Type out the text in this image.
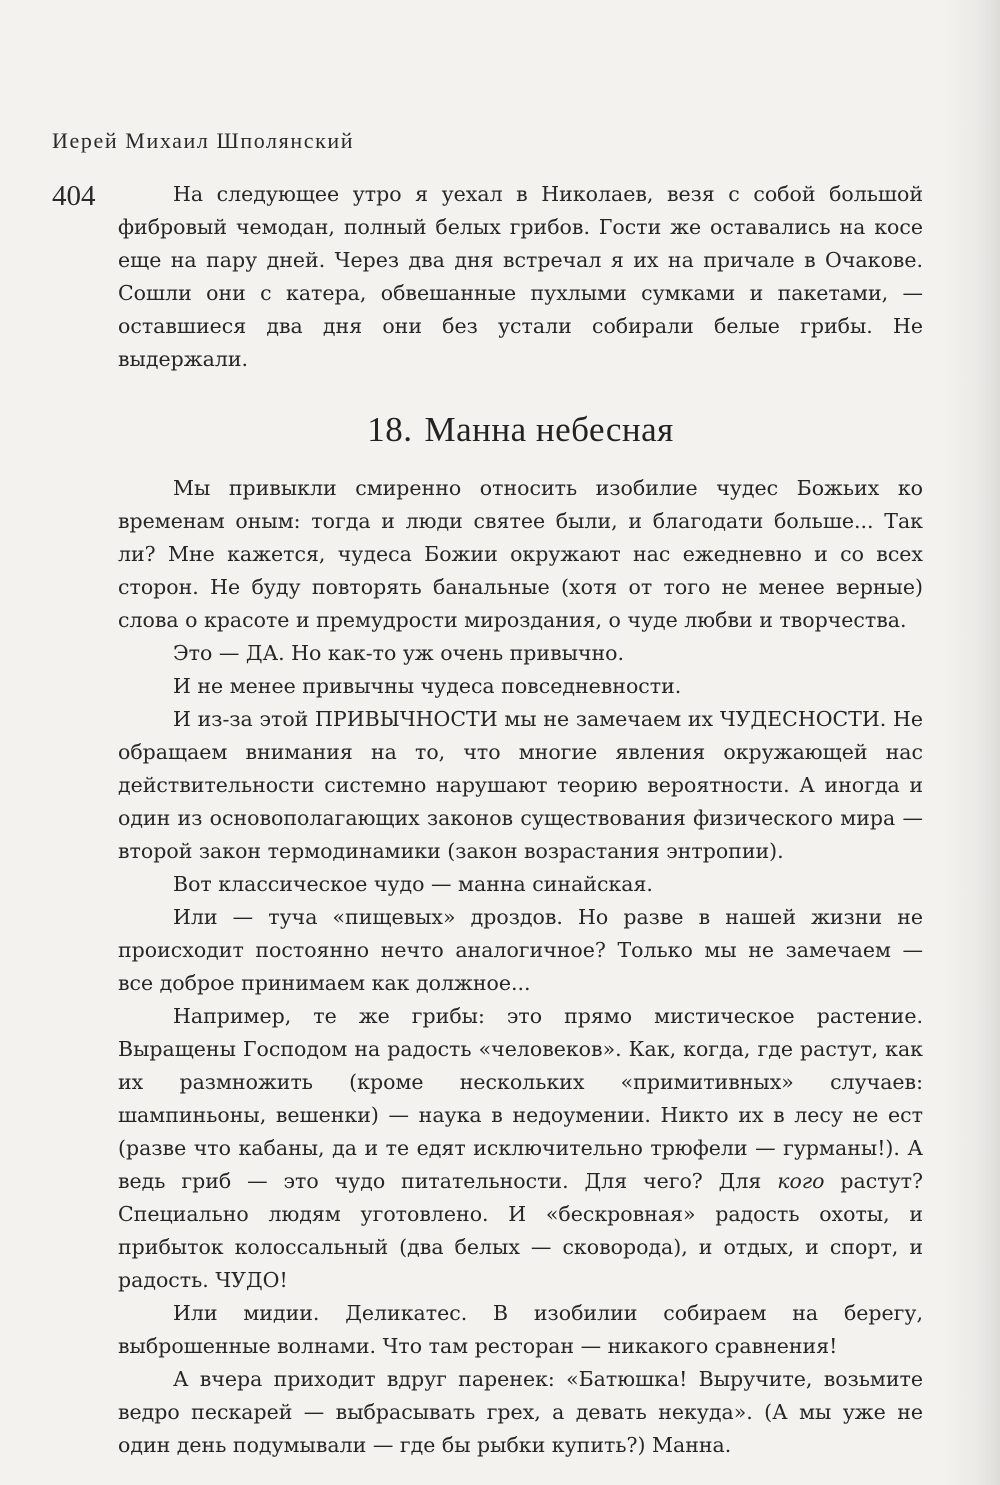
Иерей Михаил Шполянский
404	На следующее утро я уехал в Николаев, везя с собой большой фибровый чемодан, полный белых грибов. Гости же оставались на косе еще на пару дней. Через два дня встречал я их на причале в Очакове. Сошли они с катера, обвешанные пухлыми сумками и пакетами, — оставшиеся два дня они без устали собирали белые грибы. Не выдержали.

18. Манна небесная

Мы привыкли смиренно относить изобилие чудес Божьих ко временам оным: тогда и люди святее были, и благодати больше... Так ли? Мне кажется, чудеса Божии окружают нас ежедневно и со всех сторон. Не буду повторять банальные (хотя от того не менее верные) слова о красоте и премудрости мироздания, о чуде любви и творчества.

Это — ДА. Но как-то уж очень привычно.

И не менее привычны чудеса повседневности.

И из-за этой ПРИВЫЧНОСТИ мы не замечаем их ЧУДЕСНОСТИ. Не обращаем внимания на то, что многие явления окружающей нас действительности системно нарушают теорию вероятности. А иногда и один из основополагающих законов существования физического мира — второй закон термодинамики (закон возрастания энтропии).

Вот классическое чудо — манна синайская.

Или — туча «пищевых» дроздов. Но разве в нашей жизни не происходит постоянно нечто аналогичное? Только мы не замечаем — все доброе принимаем как должное...

Например, те же грибы: это прямо мистическое растение. Выращены Господом на радость «человеков». Как, когда, где растут, как их размножить (кроме нескольких «примитивных» случаев: шампиньоны, вешенки) — наука в недоумении. Никто их в лесу не ест (разве что кабаны, да и те едят исключительно трюфели — гурманы!). А ведь гриб — это чудо питательности. Для чего? Для кого растут? Специально людям уготовлено. И «бескровная» радость охоты, и прибыток колоссальный (два белых — сковорода), и отдых, и спорт, и радость. ЧУДО!

Или мидии. Деликатес. В изобилии собираем на берегу, выброшенные волнами. Что там ресторан — никакого сравнения!

А вчера приходит вдруг паренек: «Батюшка! Выручите, возьмите ведро пескарей — выбрасывать грех, а девать некуда». (А мы уже не один день подумывали — где бы рыбки купить?) Манна.
